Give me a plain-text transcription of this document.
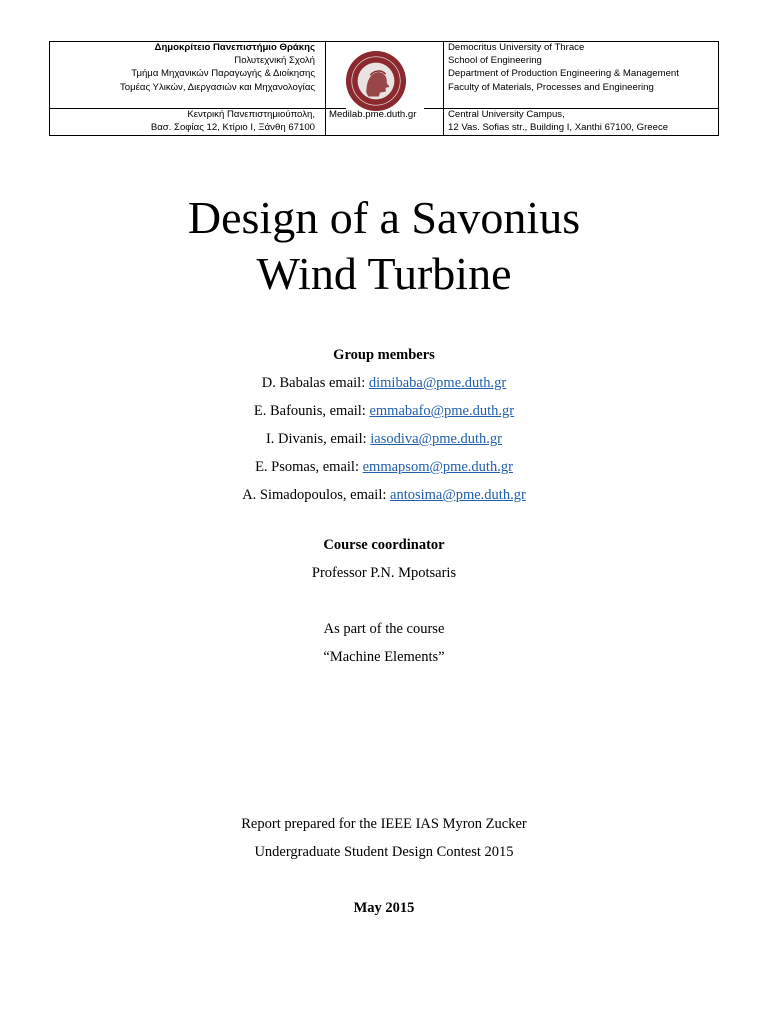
Δημοκρίτειο Πανεπιστήμιο Θράκης
Πολυτεχνική Σχολή
Τμήμα Μηχανικών Παραγωγής & Διοίκησης
Τομέας Υλικών, Διεργασιών και Μηχανολογίας
Κεντρική Πανεπιστημιούπολη,
Βασ. Σοφίας 12, Κτίριο Ι, Ξάνθη 67100
Medilab.pme.duth.gr
Democritus University of Thrace
School of Engineering
Department of Production Engineering & Management
Faculty of Materials, Processes and Engineering
Central University Campus,
12 Vas. Sofias str., Building I, Xanthi 67100, Greece
Design of a Savonius
Wind Turbine
Group members
D. Babalas email: dimibaba@pme.duth.gr
E. Bafounis, email: emmabafo@pme.duth.gr
I. Divanis, email: iasodiva@pme.duth.gr
E. Psomas, email: emmapsom@pme.duth.gr
A. Simadopoulos, email: antosima@pme.duth.gr
Course coordinator
Professor P.N. Mpotsaris
As part of the course
“Machine Elements”
Report prepared for the IEEE IAS Myron Zucker
Undergraduate Student Design Contest 2015
May 2015
